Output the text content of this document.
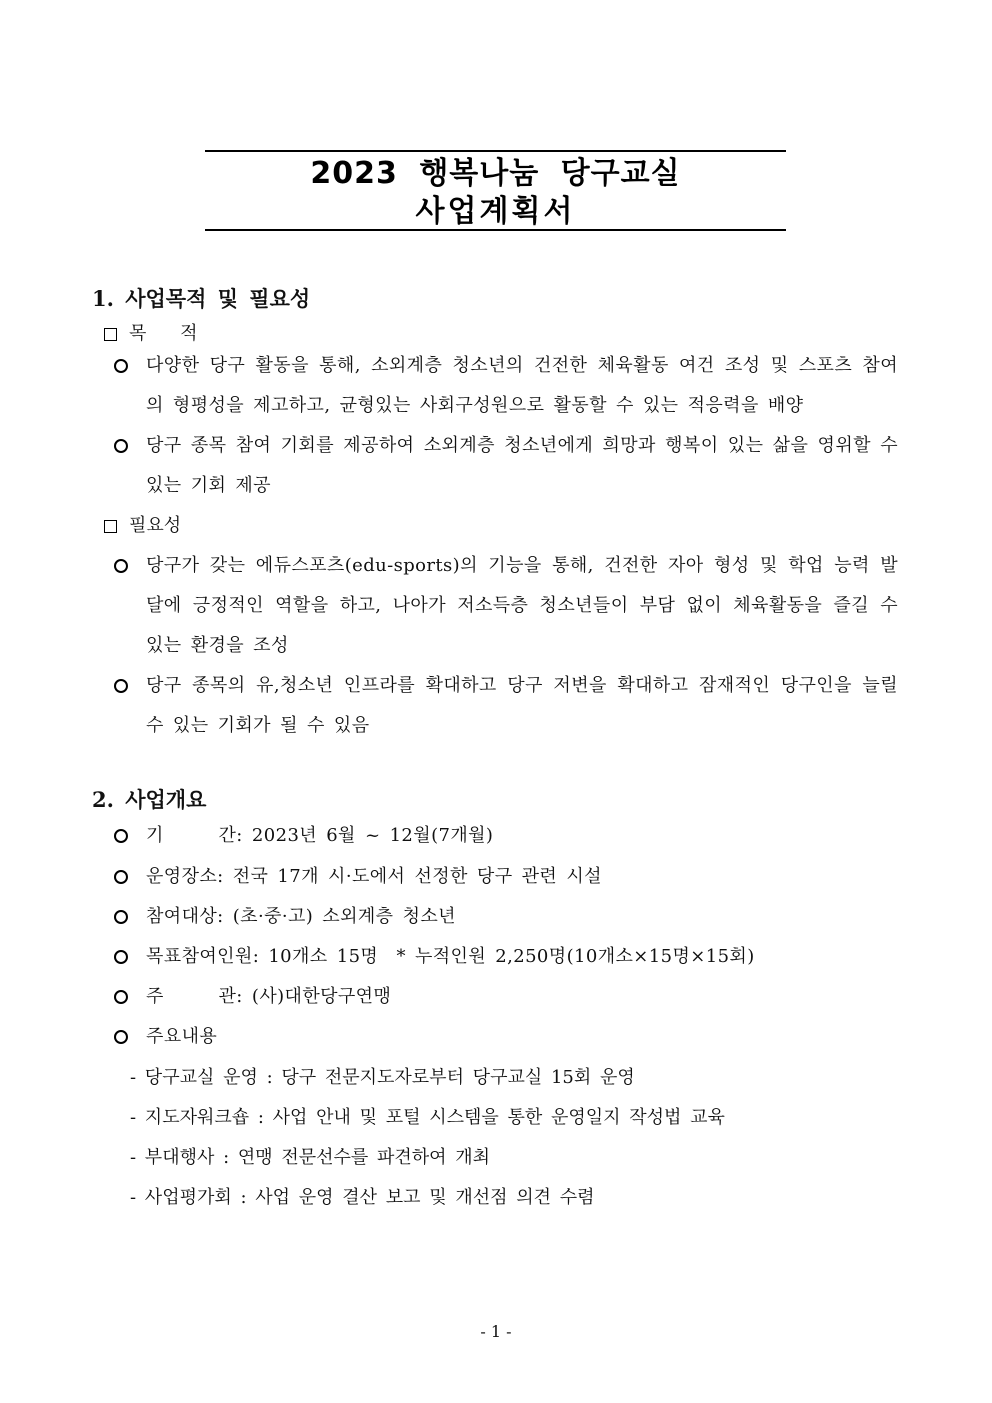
2023 행복나눔 당구교실
사업계획서
1. 사업목적 및 필요성
목 적
다양한 당구 활동을 통해, 소외계층 청소년의 건전한 체육활동 여건 조성 및 스포츠 참여의 형평성을 제고하고, 균형있는 사회구성원으로 활동할 수 있는 적응력을 배양
당구 종목 참여 기회를 제공하여 소외계층 청소년에게 희망과 행복이 있는 삶을 영위할 수 있는 기회 제공
필요성
당구가 갖는 에듀스포츠(edu-sports)의 기능을 통해, 건전한 자아 형성 및 학업 능력 발달에 긍정적인 역할을 하고, 나아가 저소득층 청소년들이 부담 없이 체육활동을 즐길 수 있는 환경을 조성
당구 종목의 유,청소년 인프라를 확대하고 당구 저변을 확대하고 잠재적인 당구인을 늘릴 수 있는 기회가 될 수 있음
2. 사업개요
기      간: 2023년 6월 ~ 12월(7개월)
운영장소: 전국 17개 시·도에서 선정한 당구 관련 시설
참여대상: (초·중·고) 소외계층 청소년
목표참여인원: 10개소 15명  * 누적인원 2,250명(10개소×15명×15회)
주      관: (사)대한당구연맹
주요내용
- 당구교실 운영 : 당구 전문지도자로부터 당구교실 15회 운영
- 지도자워크숍 : 사업 안내 및 포털 시스템을 통한 운영일지 작성법 교육
- 부대행사 : 연맹 전문선수를 파견하여 개최
- 사업평가회 : 사업 운영 결산 보고 및 개선점 의견 수렴
- 1 -
